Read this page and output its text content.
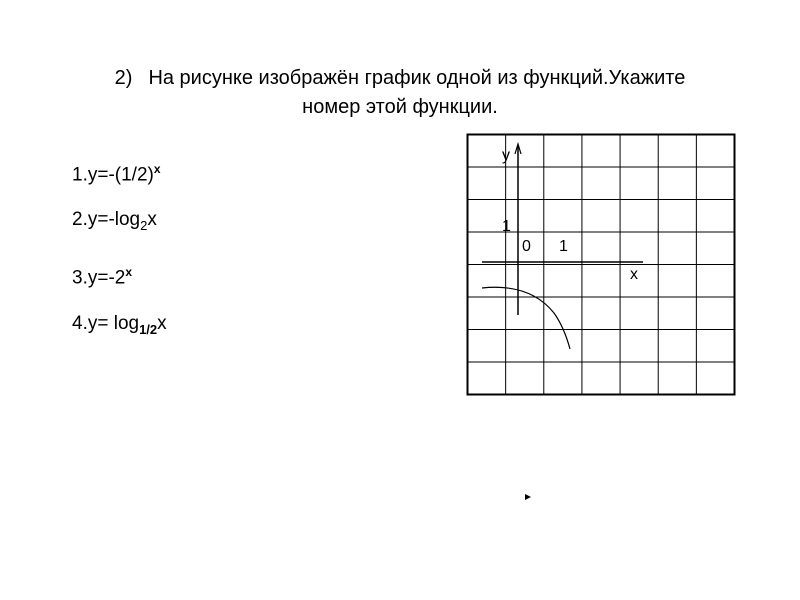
2) На рисунке изображён график одной из функций.Укажите
номер этой функции.
$1.y=-(1/2)^x$
$2.y=-\log_2x$
$3.y=-2^x$
$4.y= \log_{1/2}x$
y
x
1
0 1
